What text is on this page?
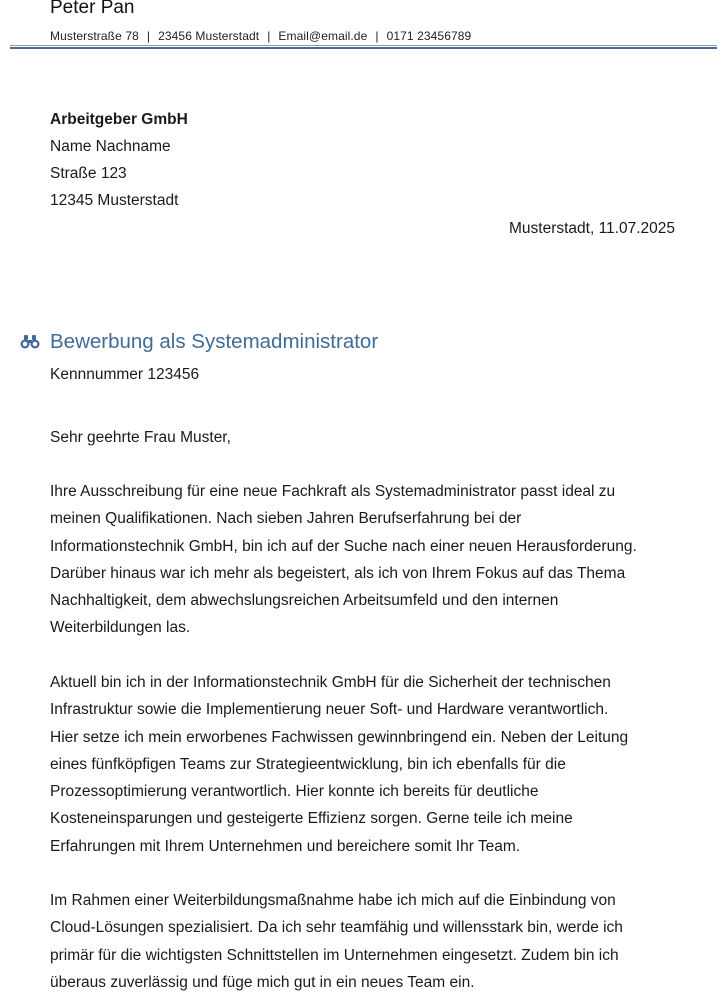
Peter Pan
Musterstraße 78 | 23456 Musterstadt | Email@email.de | 0171 23456789
Arbeitgeber GmbH
Name Nachname
Straße 123
12345 Musterstadt
Musterstadt, 11.07.2025
Bewerbung als Systemadministrator
Kennnummer 123456
Sehr geehrte Frau Muster,
Ihre Ausschreibung für eine neue Fachkraft als Systemadministrator passt ideal zu
meinen Qualifikationen. Nach sieben Jahren Berufserfahrung bei der
Informationstechnik GmbH, bin ich auf der Suche nach einer neuen Herausforderung.
Darüber hinaus war ich mehr als begeistert, als ich von Ihrem Fokus auf das Thema
Nachhaltigkeit, dem abwechslungsreichen Arbeitsumfeld und den internen
Weiterbildungen las.
Aktuell bin ich in der Informationstechnik GmbH für die Sicherheit der technischen
Infrastruktur sowie die Implementierung neuer Soft- und Hardware verantwortlich.
Hier setze ich mein erworbenes Fachwissen gewinnbringend ein. Neben der Leitung
eines fünfköpfigen Teams zur Strategieentwicklung, bin ich ebenfalls für die
Prozessoptimierung verantwortlich. Hier konnte ich bereits für deutliche
Kosteneinsparungen und gesteigerte Effizienz sorgen. Gerne teile ich meine
Erfahrungen mit Ihrem Unternehmen und bereichere somit Ihr Team.
Im Rahmen einer Weiterbildungsmaßnahme habe ich mich auf die Einbindung von
Cloud-Lösungen spezialisiert. Da ich sehr teamfähig und willensstark bin, werde ich
primär für die wichtigsten Schnittstellen im Unternehmen eingesetzt. Zudem bin ich
überaus zuverlässig und füge mich gut in ein neues Team ein.
